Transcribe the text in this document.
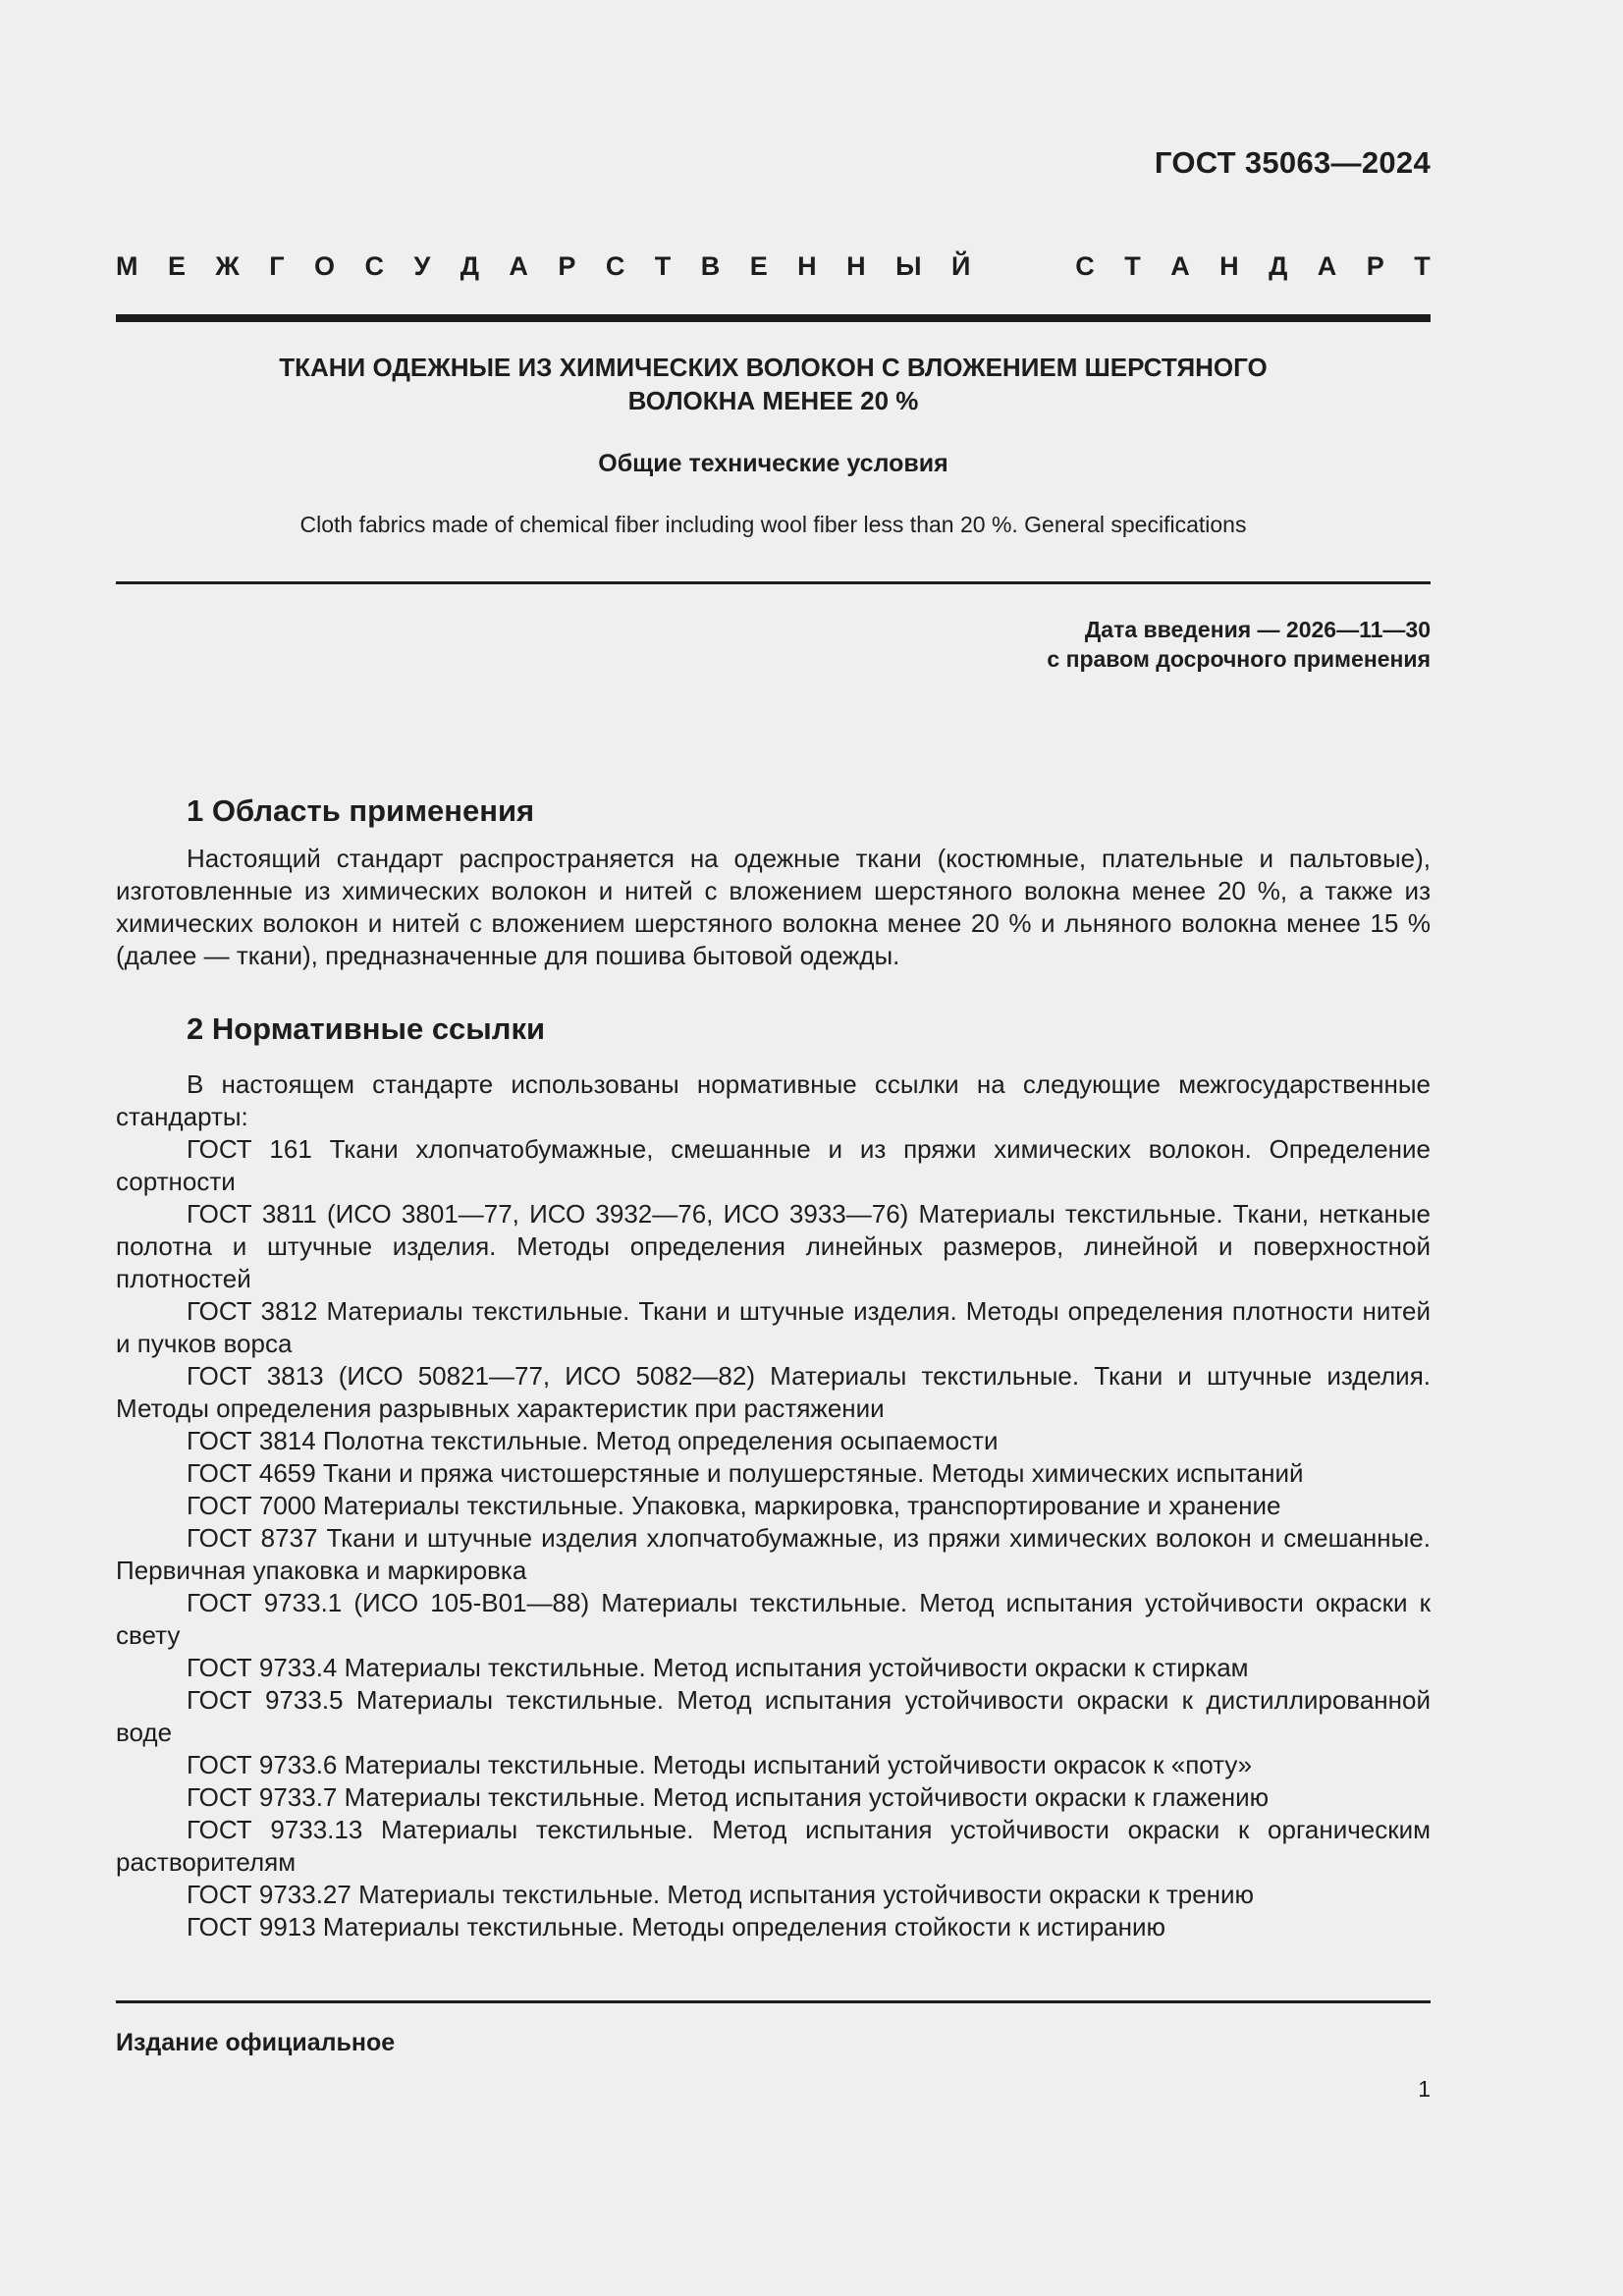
ГОСТ 35063—2024
М Е Ж Г О С У Д А Р С Т В Е Н Н Ы Й	С Т А Н Д А Р Т
ТКАНИ ОДЕЖНЫЕ ИЗ ХИМИЧЕСКИХ ВОЛОКОН С ВЛОЖЕНИЕМ ШЕРСТЯНОГО
ВОЛОКНА МЕНЕЕ 20 %
Общие технические условия
Cloth fabrics made of chemical fiber including wool fiber less than 20 %. General specifications
Дата введения — 2026—11—30
с правом досрочного применения
1 Область применения

Настоящий стандарт распространяется на одежные ткани (костюмные, плательные и пальтовые), изготовленные из химических волокон и нитей с вложением шерстяного волокна менее 20 %, а также из химических волокон и нитей с вложением шерстяного волокна менее 20 % и льняного волокна менее 15 % (далее — ткани), предназначенные для пошива бытовой одежды.

2 Нормативные ссылки

В настоящем стандарте использованы нормативные ссылки на следующие межгосударственные стандарты:

ГОСТ 161 Ткани хлопчатобумажные, смешанные и из пряжи химических волокон. Определение сортности

ГОСТ 3811 (ИСО 3801—77, ИСО 3932—76, ИСО 3933—76) Материалы текстильные. Ткани, нетканые полотна и штучные изделия. Методы определения линейных размеров, линейной и поверхностной плотностей

ГОСТ 3812 Материалы текстильные. Ткани и штучные изделия. Методы определения плотности нитей и пучков ворса

ГОСТ 3813 (ИСО 50821—77, ИСО 5082—82) Материалы текстильные. Ткани и штучные изделия. Методы определения разрывных характеристик при растяжении

ГОСТ 3814 Полотна текстильные. Метод определения осыпаемости

ГОСТ 4659 Ткани и пряжа чистошерстяные и полушерстяные. Методы химических испытаний

ГОСТ 7000 Материалы текстильные. Упаковка, маркировка, транспортирование и хранение

ГОСТ 8737 Ткани и штучные изделия хлопчатобумажные, из пряжи химических волокон и смешанные. Первичная упаковка и маркировка

ГОСТ 9733.1 (ИСО 105-B01—88) Материалы текстильные. Метод испытания устойчивости окраски к свету

ГОСТ 9733.4 Материалы текстильные. Метод испытания устойчивости окраски к стиркам

ГОСТ 9733.5 Материалы текстильные. Метод испытания устойчивости окраски к дистиллированной воде

ГОСТ 9733.6 Материалы текстильные. Методы испытаний устойчивости окрасок к «поту»

ГОСТ 9733.7 Материалы текстильные. Метод испытания устойчивости окраски к глажению

ГОСТ 9733.13 Материалы текстильные. Метод испытания устойчивости окраски к органическим растворителям

ГОСТ 9733.27 Материалы текстильные. Метод испытания устойчивости окраски к трению

ГОСТ 9913 Материалы текстильные. Методы определения стойкости к истиранию

Издание официальное
1
